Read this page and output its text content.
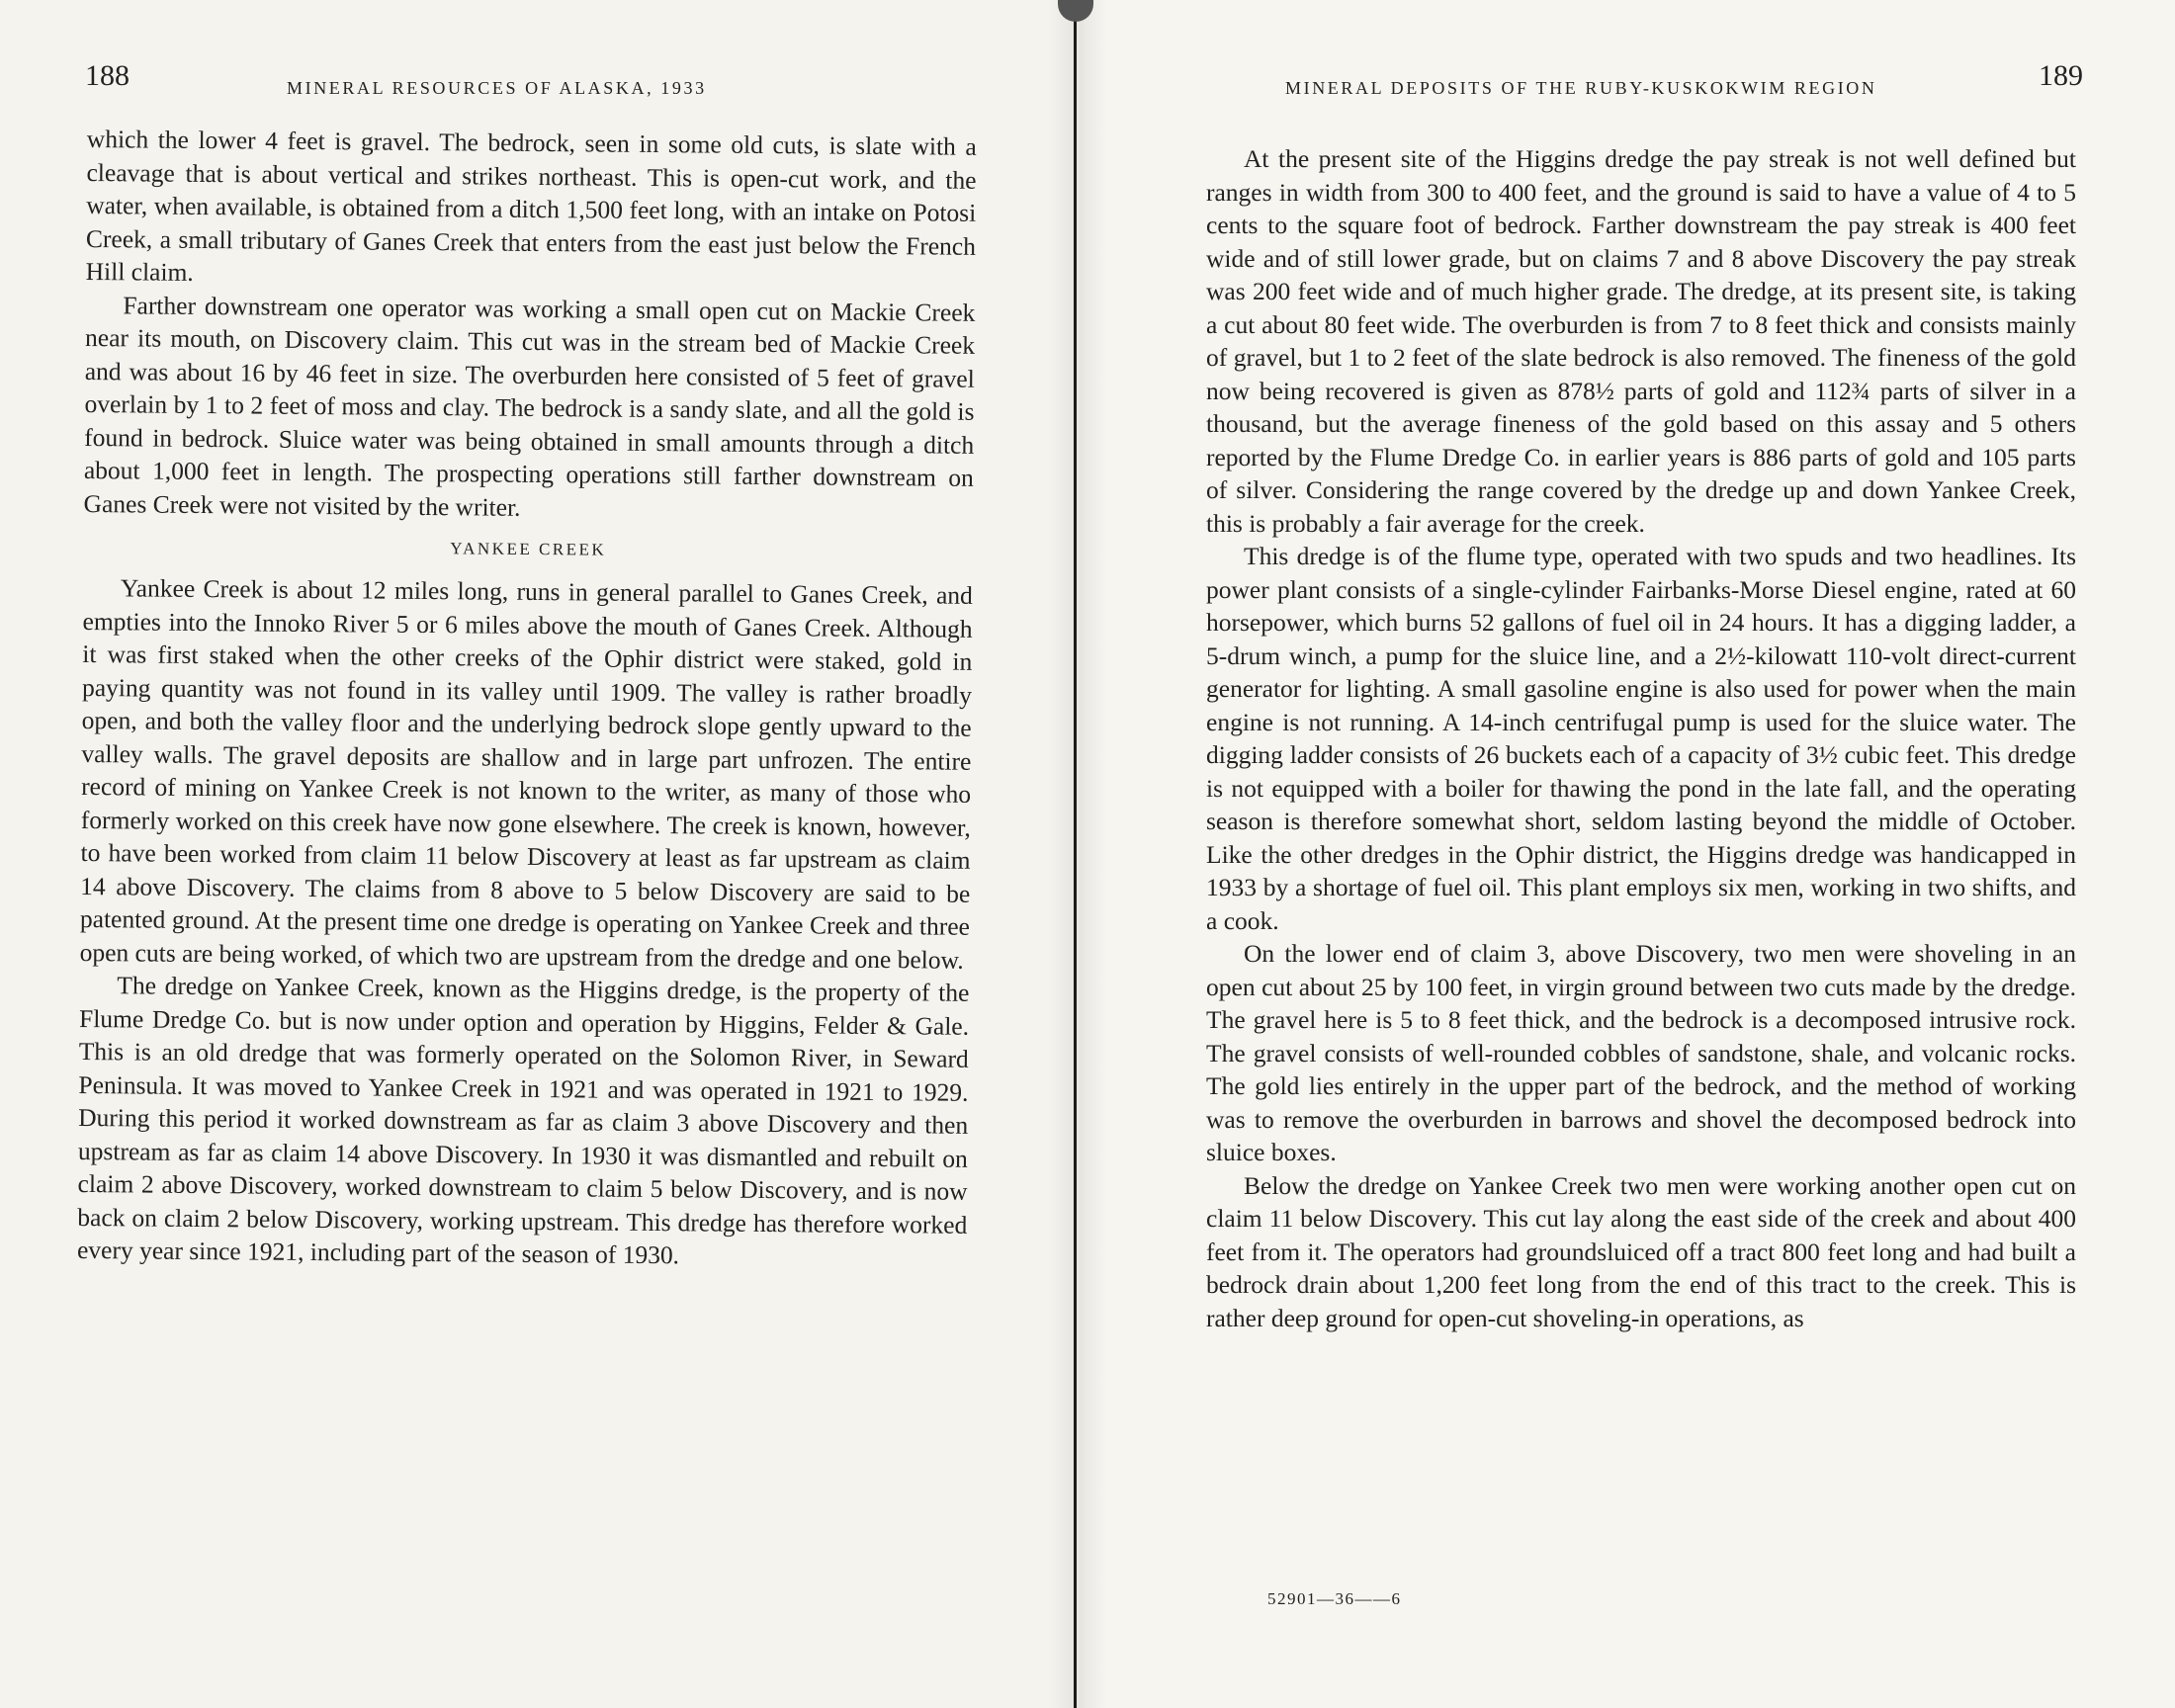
188	MINERAL RESOURCES OF ALASKA, 1933

which the lower 4 feet is gravel. The bedrock, seen in some old cuts, is slate with a cleavage that is about vertical and strikes northeast. This is open-cut work, and the water, when available, is obtained from a ditch 1,500 feet long, with an intake on Potosi Creek, a small tributary of Ganes Creek that enters from the east just below the French Hill claim.

Farther downstream one operator was working a small open cut on Mackie Creek near its mouth, on Discovery claim. This cut was in the stream bed of Mackie Creek and was about 16 by 46 feet in size. The overburden here consisted of 5 feet of gravel overlain by 1 to 2 feet of moss and clay. The bedrock is a sandy slate, and all the gold is found in bedrock. Sluice water was being obtained in small amounts through a ditch about 1,000 feet in length. The prospecting operations still farther downstream on Ganes Creek were not visited by the writer.

YANKEE CREEK

Yankee Creek is about 12 miles long, runs in general parallel to Ganes Creek, and empties into the Innoko River 5 or 6 miles above the mouth of Ganes Creek. Although it was first staked when the other creeks of the Ophir district were staked, gold in paying quantity was not found in its valley until 1909. The valley is rather broadly open, and both the valley floor and the underlying bedrock slope gently upward to the valley walls. The gravel deposits are shallow and in large part unfrozen. The entire record of mining on Yankee Creek is not known to the writer, as many of those who formerly worked on this creek have now gone elsewhere. The creek is known, however, to have been worked from claim 11 below Discovery at least as far upstream as claim 14 above Discovery. The claims from 8 above to 5 below Discovery are said to be patented ground. At the present time one dredge is operating on Yankee Creek and three open cuts are being worked, of which two are upstream from the dredge and one below.

The dredge on Yankee Creek, known as the Higgins dredge, is the property of the Flume Dredge Co. but is now under option and operation by Higgins, Felder & Gale. This is an old dredge that was formerly operated on the Solomon River, in Seward Peninsula. It was moved to Yankee Creek in 1921 and was operated in 1921 to 1929. During this period it worked downstream as far as claim 3 above Discovery and then upstream as far as claim 14 above Discovery. In 1930 it was dismantled and rebuilt on claim 2 above Discovery, worked downstream to claim 5 below Discovery, and is now back on claim 2 below Discovery, working upstream. This dredge has therefore worked every year since 1921, including part of the season of 1930.

MINERAL DEPOSITS OF THE RUBY-KUSKOKWIM REGION	189

At the present site of the Higgins dredge the pay streak is not well defined but ranges in width from 300 to 400 feet, and the ground is said to have a value of 4 to 5 cents to the square foot of bedrock. Farther downstream the pay streak is 400 feet wide and of still lower grade, but on claims 7 and 8 above Discovery the pay streak was 200 feet wide and of much higher grade. The dredge, at its present site, is taking a cut about 80 feet wide. The overburden is from 7 to 8 feet thick and consists mainly of gravel, but 1 to 2 feet of the slate bedrock is also removed. The fineness of the gold now being recovered is given as 878½ parts of gold and 112¾ parts of silver in a thousand, but the average fineness of the gold based on this assay and 5 others reported by the Flume Dredge Co. in earlier years is 886 parts of gold and 105 parts of silver. Considering the range covered by the dredge up and down Yankee Creek, this is probably a fair average for the creek.

This dredge is of the flume type, operated with two spuds and two headlines. Its power plant consists of a single-cylinder Fairbanks-Morse Diesel engine, rated at 60 horsepower, which burns 52 gallons of fuel oil in 24 hours. It has a digging ladder, a 5-drum winch, a pump for the sluice line, and a 2½-kilowatt 110-volt direct-current generator for lighting. A small gasoline engine is also used for power when the main engine is not running. A 14-inch centrifugal pump is used for the sluice water. The digging ladder consists of 26 buckets each of a capacity of 3½ cubic feet. This dredge is not equipped with a boiler for thawing the pond in the late fall, and the operating season is therefore somewhat short, seldom lasting beyond the middle of October. Like the other dredges in the Ophir district, the Higgins dredge was handicapped in 1933 by a shortage of fuel oil. This plant employs six men, working in two shifts, and a cook.

On the lower end of claim 3, above Discovery, two men were shoveling in an open cut about 25 by 100 feet, in virgin ground between two cuts made by the dredge. The gravel here is 5 to 8 feet thick, and the bedrock is a decomposed intrusive rock. The gravel consists of well-rounded cobbles of sandstone, shale, and volcanic rocks. The gold lies entirely in the upper part of the bedrock, and the method of working was to remove the overburden in barrows and shovel the decomposed bedrock into sluice boxes.

Below the dredge on Yankee Creek two men were working another open cut on claim 11 below Discovery. This cut lay along the east side of the creek and about 400 feet from it. The operators had groundsluiced off a tract 800 feet long and had built a bedrock drain about 1,200 feet long from the end of this tract to the creek. This is rather deep ground for open-cut shoveling-in operations, as

52901—36——6
